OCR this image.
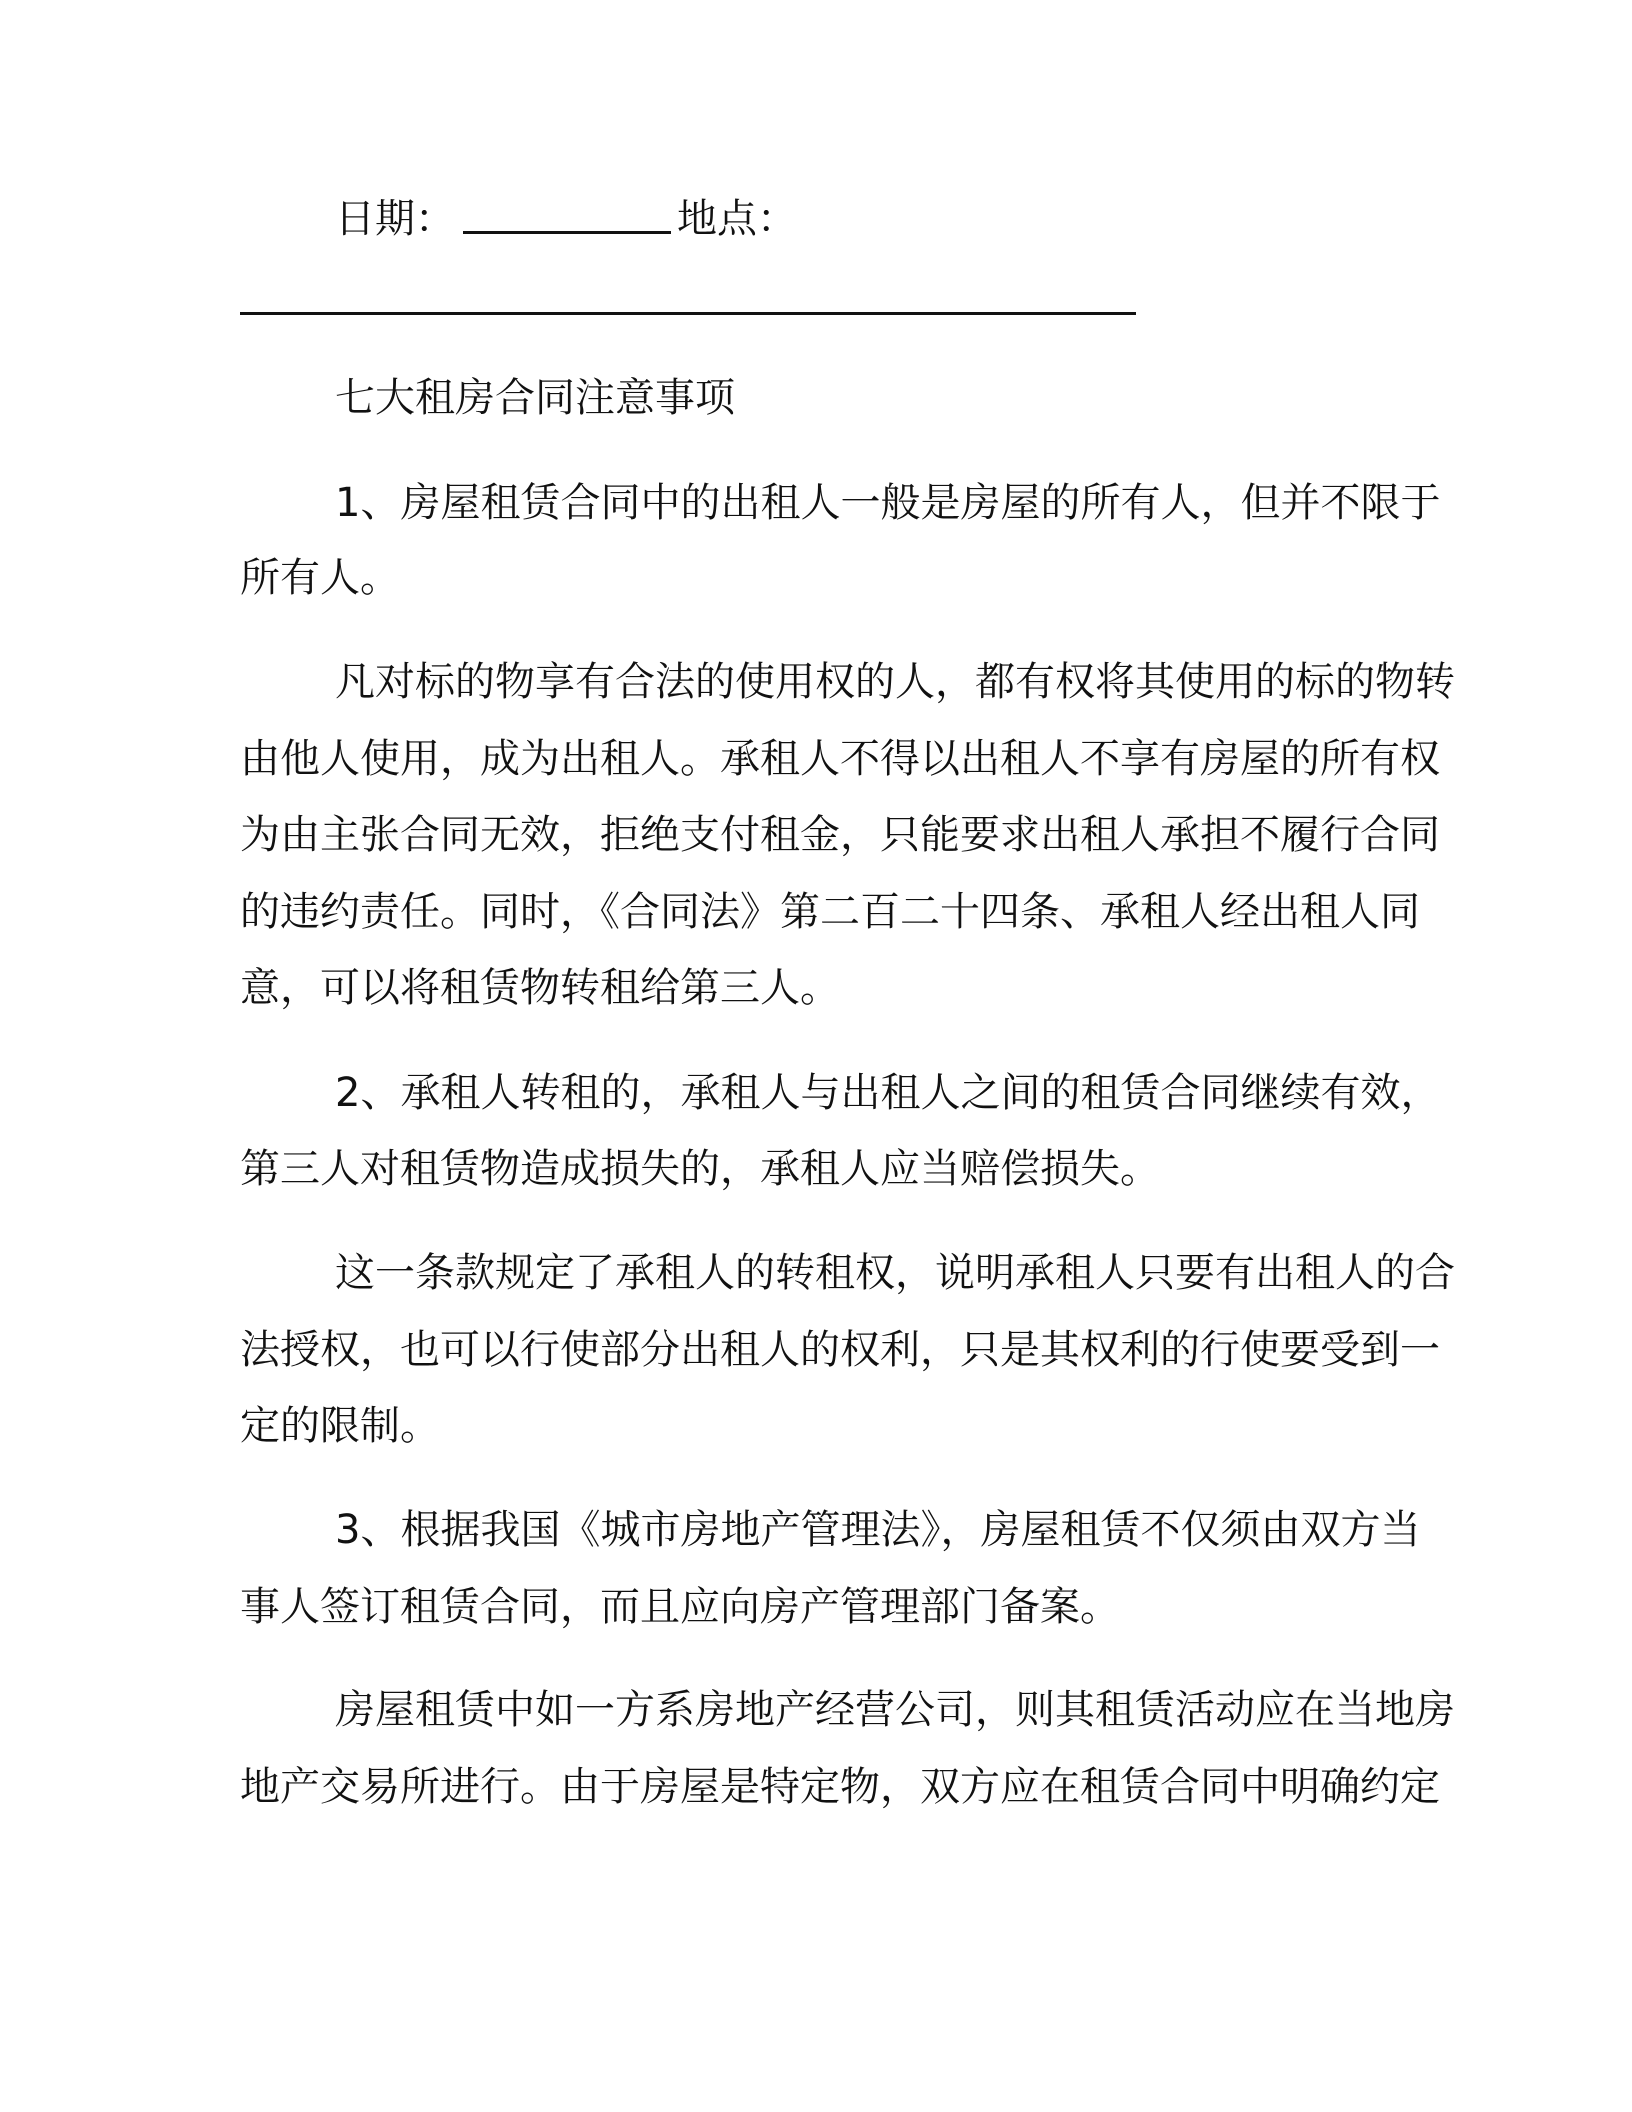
日期：	地点：
七大租房合同注意事项
1、房屋租赁合同中的出租人一般是房屋的所有人，但并不限于
所有人。
凡对标的物享有合法的使用权的人，都有权将其使用的标的物转
由他人使用，成为出租人。承租人不得以出租人不享有房屋的所有权
为由主张合同无效，拒绝支付租金，只能要求出租人承担不履行合同
的违约责任。同时，《合同法》第二百二十四条、承租人经出租人同
意，可以将租赁物转租给第三人。
2、承租人转租的，承租人与出租人之间的租赁合同继续有效，
第三人对租赁物造成损失的，承租人应当赔偿损失。
这一条款规定了承租人的转租权，说明承租人只要有出租人的合
法授权，也可以行使部分出租人的权利，只是其权利的行使要受到一
定的限制。
3、根据我国《城市房地产管理法》，房屋租赁不仅须由双方当
事人签订租赁合同，而且应向房产管理部门备案。
房屋租赁中如一方系房地产经营公司，则其租赁活动应在当地房
地产交易所进行。由于房屋是特定物，双方应在租赁合同中明确约定
